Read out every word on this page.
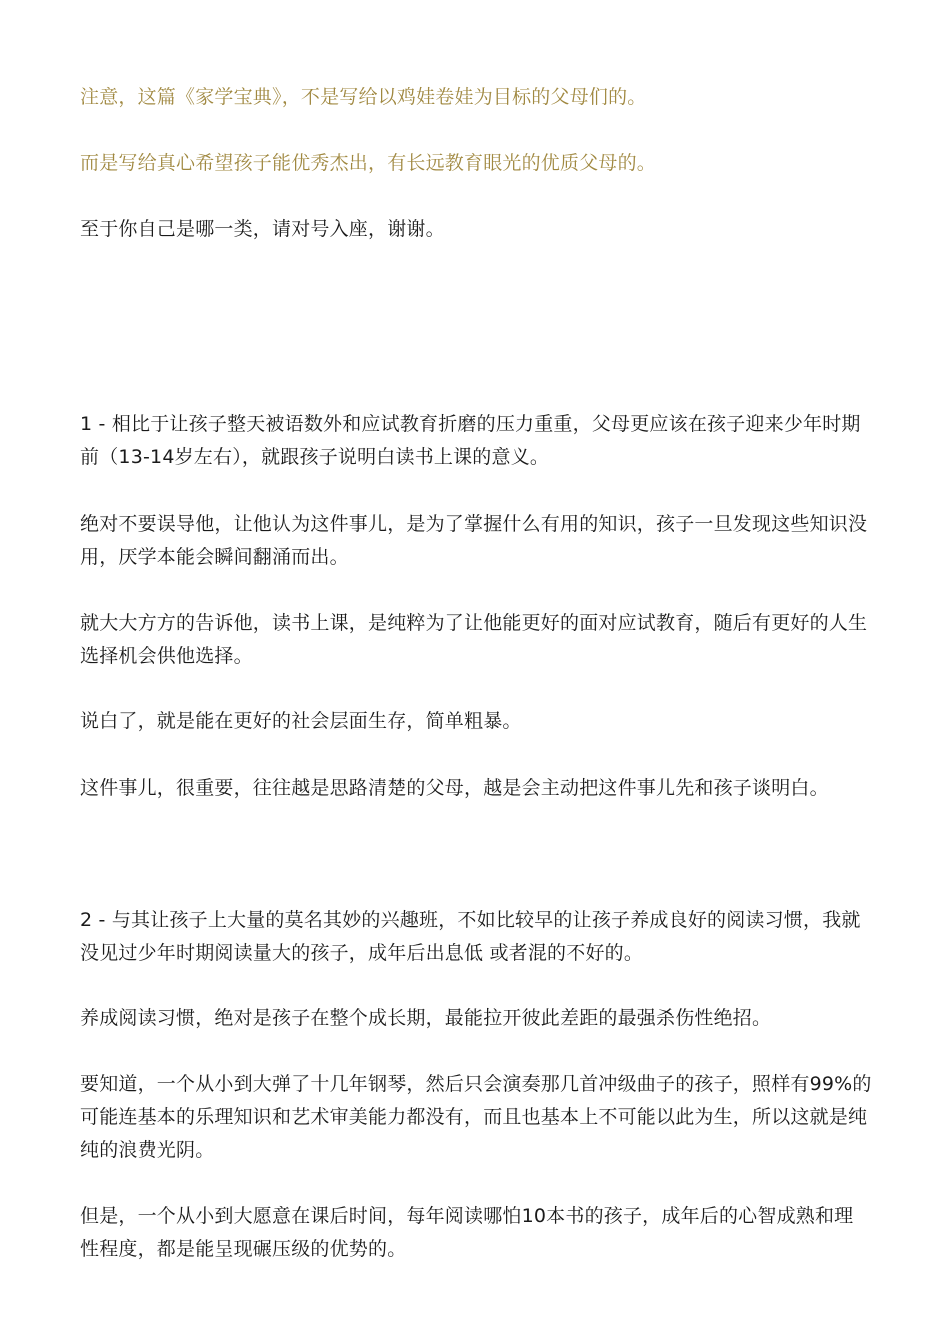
注意，这篇《家学宝典》，不是写给以鸡娃卷娃为目标的父母们的。

而是写给真心希望孩子能优秀杰出，有长远教育眼光的优质父母的。

至于你自己是哪一类，请对号入座，谢谢。

1 - 相比于让孩子整天被语数外和应试教育折磨的压力重重，父母更应该在孩子迎来少年时期前（13-14岁左右），就跟孩子说明白读书上课的意义。

绝对不要误导他，让他认为这件事儿，是为了掌握什么有用的知识，孩子一旦发现这些知识没用，厌学本能会瞬间翻涌而出。

就大大方方的告诉他，读书上课，是纯粹为了让他能更好的面对应试教育，随后有更好的人生选择机会供他选择。

说白了，就是能在更好的社会层面生存，简单粗暴。

这件事儿，很重要，往往越是思路清楚的父母，越是会主动把这件事儿先和孩子谈明白。

2 - 与其让孩子上大量的莫名其妙的兴趣班，不如比较早的让孩子养成良好的阅读习惯，我就没见过少年时期阅读量大的孩子，成年后出息低 或者混的不好的。

养成阅读习惯，绝对是孩子在整个成长期，最能拉开彼此差距的最强杀伤性绝招。

要知道，一个从小到大弹了十几年钢琴，然后只会演奏那几首冲级曲子的孩子，照样有99%的可能连基本的乐理知识和艺术审美能力都没有，而且也基本上不可能以此为生，所以这就是纯纯的浪费光阴。

但是，一个从小到大愿意在课后时间，每年阅读哪怕10本书的孩子，成年后的心智成熟和理性程度，都是能呈现碾压级的优势的。
